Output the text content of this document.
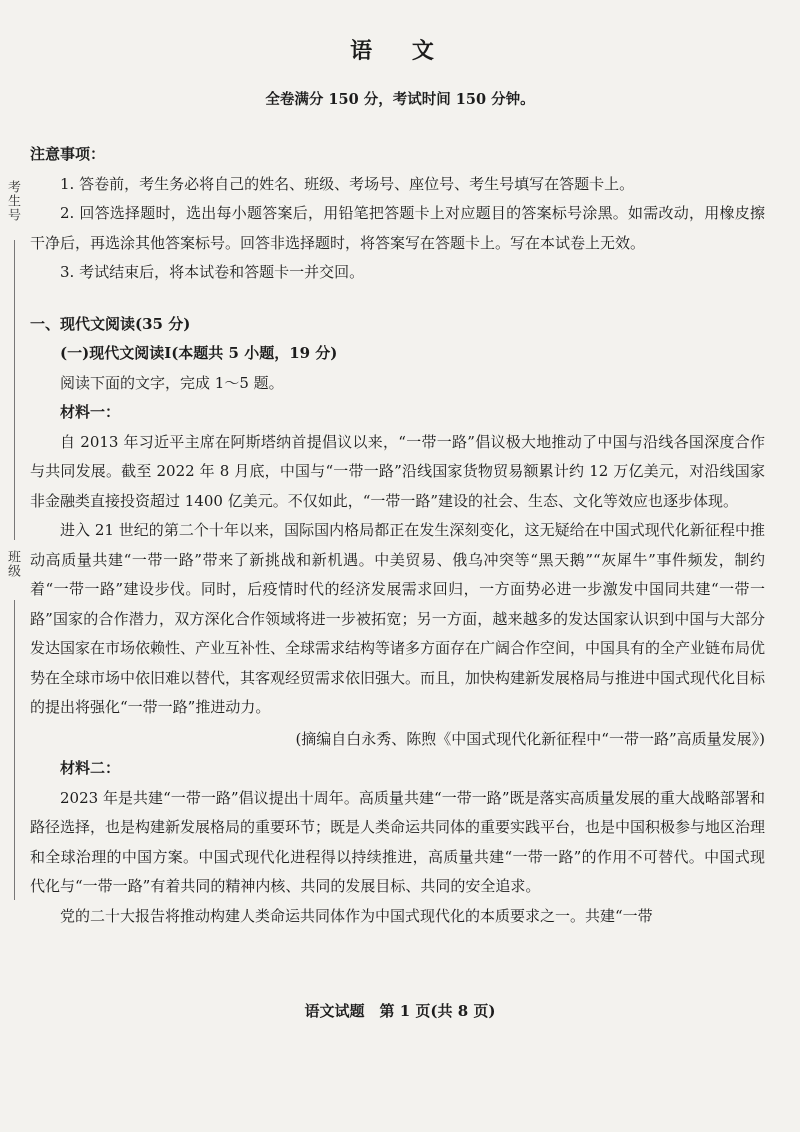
考生号
班级
语 文
全卷满分 150 分，考试时间 150 分钟。

注意事项：

1. 答卷前，考生务必将自己的姓名、班级、考场号、座位号、考生号填写在答题卡上。

2. 回答选择题时，选出每小题答案后，用铅笔把答题卡上对应题目的答案标号涂黑。如需改动，用橡皮擦干净后，再选涂其他答案标号。回答非选择题时，将答案写在答题卡上。写在本试卷上无效。

3. 考试结束后，将本试卷和答题卡一并交回。

一、现代文阅读(35 分)

(一)现代文阅读Ⅰ(本题共 5 小题，19 分)

阅读下面的文字，完成 1～5 题。

材料一：

自 2013 年习近平主席在阿斯塔纳首提倡议以来，“一带一路”倡议极大地推动了中国与沿线各国深度合作与共同发展。截至 2022 年 8 月底，中国与“一带一路”沿线国家货物贸易额累计约 12 万亿美元，对沿线国家非金融类直接投资超过 1400 亿美元。不仅如此，“一带一路”建设的社会、生态、文化等效应也逐步体现。

进入 21 世纪的第二个十年以来，国际国内格局都正在发生深刻变化，这无疑给在中国式现代化新征程中推动高质量共建“一带一路”带来了新挑战和新机遇。中美贸易、俄乌冲突等“黑天鹅”“灰犀牛”事件频发，制约着“一带一路”建设步伐。同时，后疫情时代的经济发展需求回归，一方面势必进一步激发中国同共建“一带一路”国家的合作潜力，双方深化合作领域将进一步被拓宽；另一方面，越来越多的发达国家认识到中国与大部分发达国家在市场依赖性、产业互补性、全球需求结构等诸多方面存在广阔合作空间，中国具有的全产业链布局优势在全球市场中依旧难以替代，其客观经贸需求依旧强大。而且，加快构建新发展格局与推进中国式现代化目标的提出将强化“一带一路”推进动力。

(摘编自白永秀、陈煦《中国式现代化新征程中“一带一路”高质量发展》)

材料二：

2023 年是共建“一带一路”倡议提出十周年。高质量共建“一带一路”既是落实高质量发展的重大战略部署和路径选择，也是构建新发展格局的重要环节；既是人类命运共同体的重要实践平台，也是中国积极参与地区治理和全球治理的中国方案。中国式现代化进程得以持续推进，高质量共建“一带一路”的作用不可替代。中国式现代化与“一带一路”有着共同的精神内核、共同的发展目标、共同的安全追求。

党的二十大报告将推动构建人类命运共同体作为中国式现代化的本质要求之一。共建“一带

语文试题　第 1 页(共 8 页)
